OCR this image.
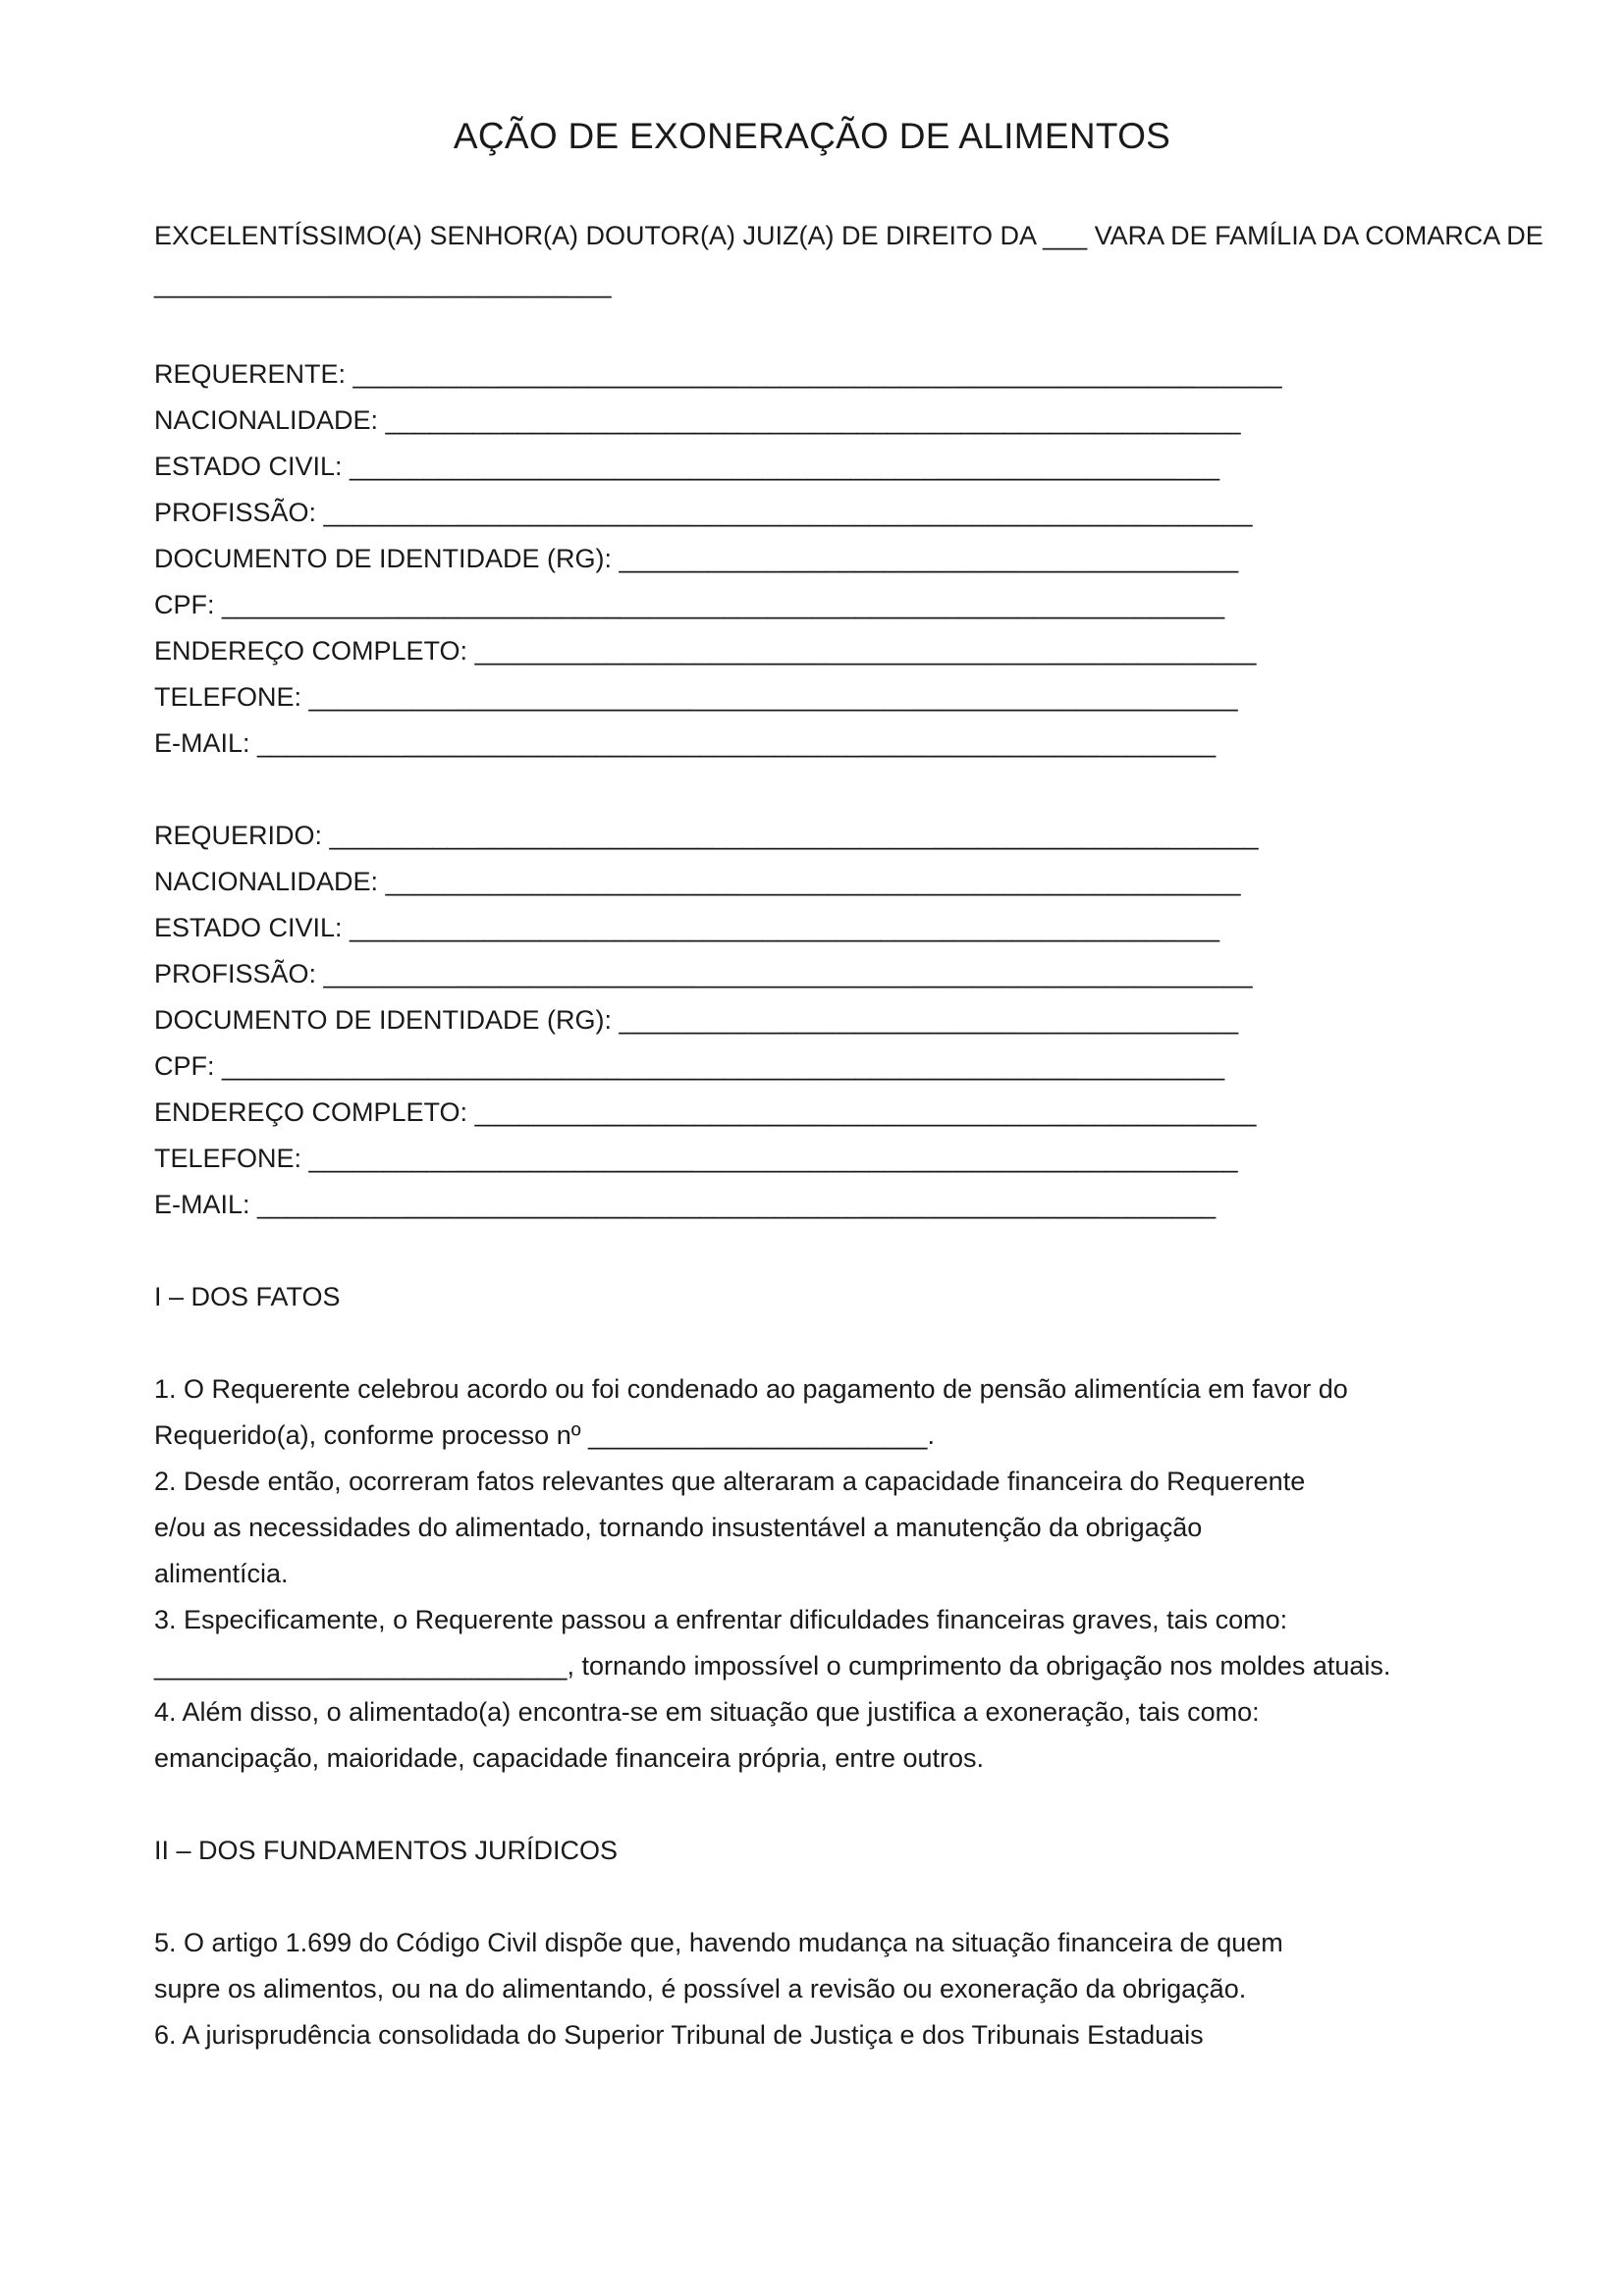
AÇÃO DE EXONERAÇÃO DE ALIMENTOS
EXCELENTÍSSIMO(A) SENHOR(A) DOUTOR(A) JUIZ(A) DE DIREITO DA ___ VARA DE FAMÍLIA DA COMARCA DE
_______________________________
REQUERENTE: _______________________________________________________________
NACIONALIDADE: __________________________________________________________
ESTADO CIVIL: ___________________________________________________________
PROFISSÃO: _______________________________________________________________
DOCUMENTO DE IDENTIDADE (RG): __________________________________________
CPF: ____________________________________________________________________
ENDEREÇO COMPLETO: _____________________________________________________
TELEFONE: _______________________________________________________________
E-MAIL: _________________________________________________________________
REQUERIDO: _______________________________________________________________
NACIONALIDADE: __________________________________________________________
ESTADO CIVIL: ___________________________________________________________
PROFISSÃO: _______________________________________________________________
DOCUMENTO DE IDENTIDADE (RG): __________________________________________
CPF: ____________________________________________________________________
ENDEREÇO COMPLETO: _____________________________________________________
TELEFONE: _______________________________________________________________
E-MAIL: _________________________________________________________________
I – DOS FATOS
1. O Requerente celebrou acordo ou foi condenado ao pagamento de pensão alimentícia em favor do
Requerido(a), conforme processo nº _______________________.
2. Desde então, ocorreram fatos relevantes que alteraram a capacidade financeira do Requerente
e/ou as necessidades do alimentado, tornando insustentável a manutenção da obrigação
alimentícia.
3. Especificamente, o Requerente passou a enfrentar dificuldades financeiras graves, tais como:
____________________________, tornando impossível o cumprimento da obrigação nos moldes atuais.
4. Além disso, o alimentado(a) encontra-se em situação que justifica a exoneração, tais como:
emancipação, maioridade, capacidade financeira própria, entre outros.
II – DOS FUNDAMENTOS JURÍDICOS
5. O artigo 1.699 do Código Civil dispõe que, havendo mudança na situação financeira de quem
supre os alimentos, ou na do alimentando, é possível a revisão ou exoneração da obrigação.
6. A jurisprudência consolidada do Superior Tribunal de Justiça e dos Tribunais Estaduais
